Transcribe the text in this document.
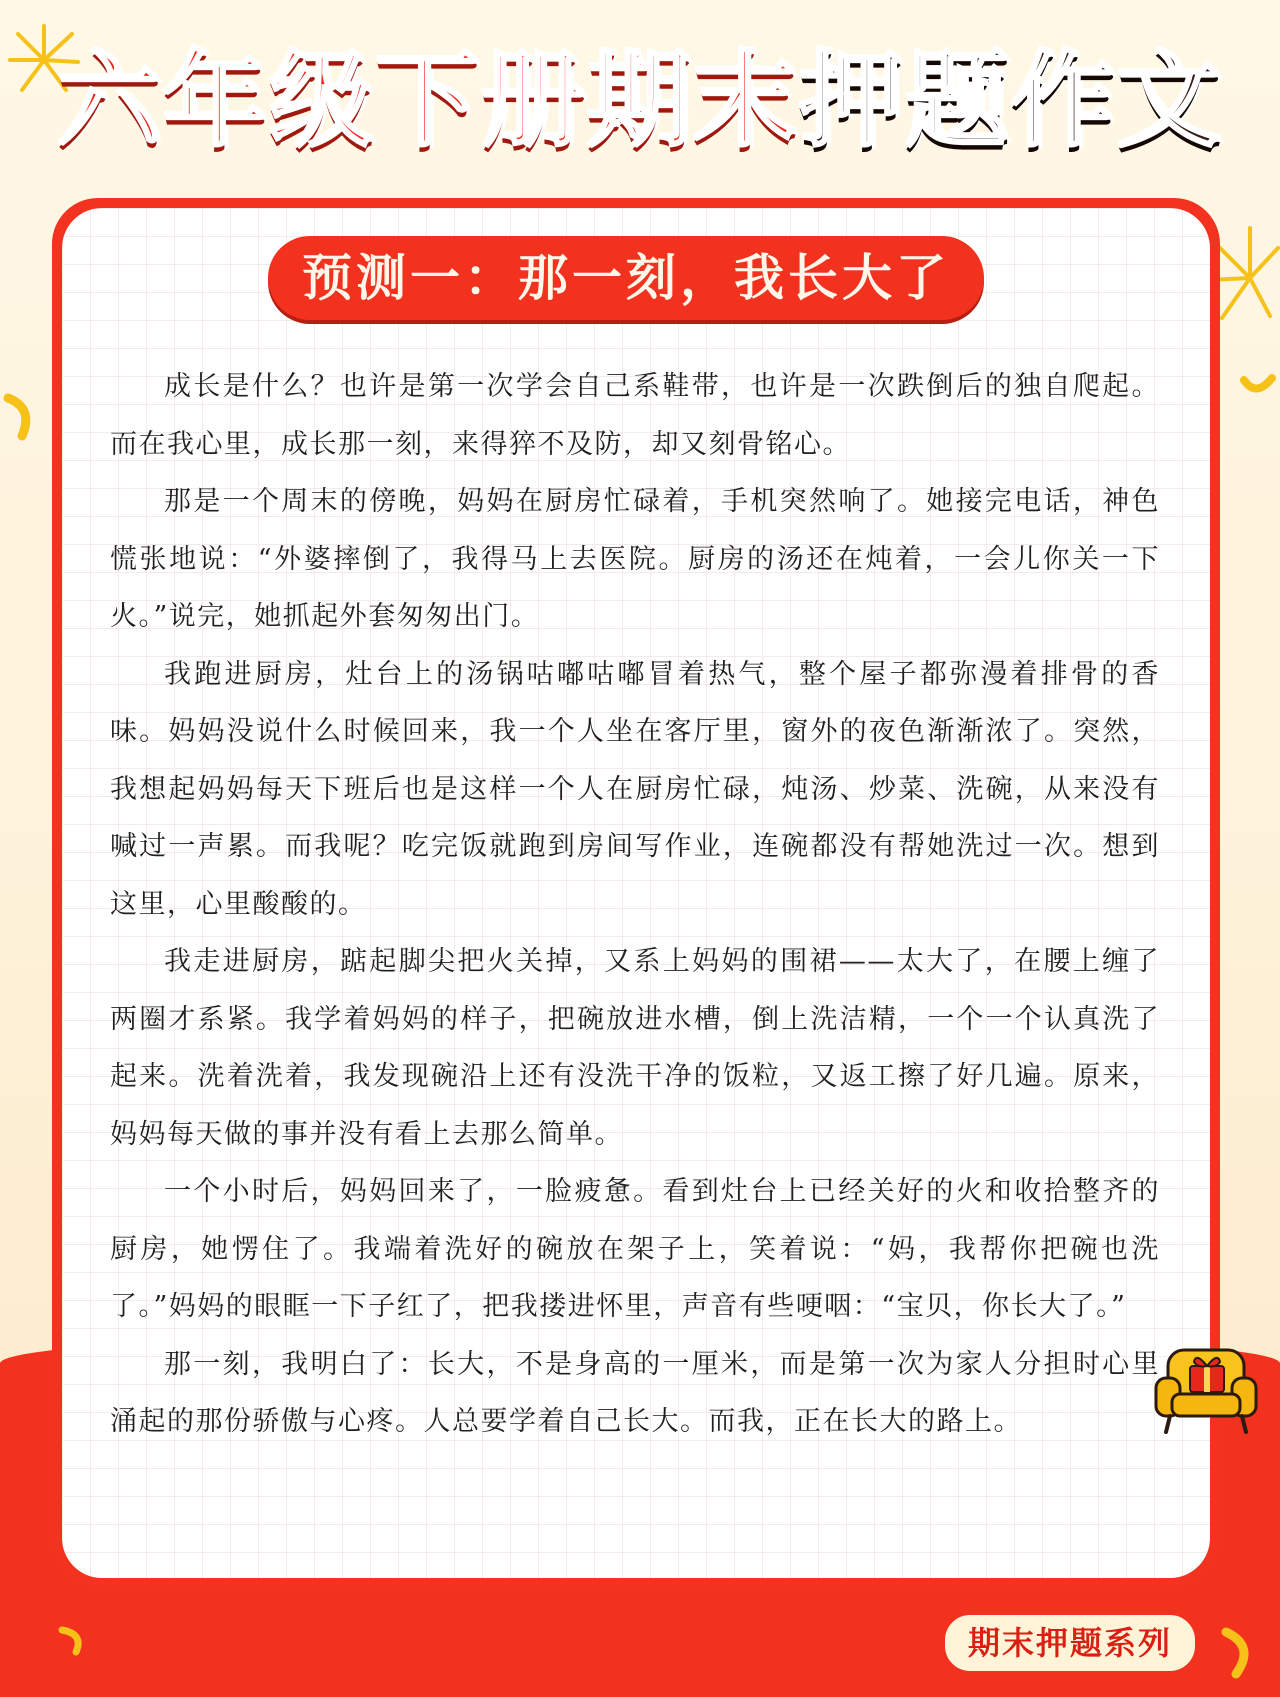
六年级下册期末押题作文
预测一：那一刻，我长大了

成长是什么？也许是第一次学会自己系鞋带，也许是一次跌倒后的独自爬起。而在我心里，成长那一刻，来得猝不及防，却又刻骨铭心。

那是一个周末的傍晚，妈妈在厨房忙碌着，手机突然响了。她接完电话，神色慌张地说：“外婆摔倒了，我得马上去医院。厨房的汤还在炖着，一会儿你关一下火。”说完，她抓起外套匆匆出门。

我跑进厨房，灶台上的汤锅咕嘟咕嘟冒着热气，整个屋子都弥漫着排骨的香味。妈妈没说什么时候回来，我一个人坐在客厅里，窗外的夜色渐渐浓了。突然，我想起妈妈每天下班后也是这样一个人在厨房忙碌，炖汤、炒菜、洗碗，从来没有喊过一声累。而我呢？吃完饭就跑到房间写作业，连碗都没有帮她洗过一次。想到这里，心里酸酸的。

我走进厨房，踮起脚尖把火关掉，又系上妈妈的围裙——太大了，在腰上缠了两圈才系紧。我学着妈妈的样子，把碗放进水槽，倒上洗洁精，一个一个认真洗了起来。洗着洗着，我发现碗沿上还有没洗干净的饭粒，又返工擦了好几遍。原来，妈妈每天做的事并没有看上去那么简单。

一个小时后，妈妈回来了，一脸疲惫。看到灶台上已经关好的火和收拾整齐的厨房，她愣住了。我端着洗好的碗放在架子上，笑着说：“妈，我帮你把碗也洗了。”妈妈的眼眶一下子红了，把我搂进怀里，声音有些哽咽：“宝贝，你长大了。”

那一刻，我明白了：长大，不是身高的一厘米，而是第一次为家人分担时心里涌起的那份骄傲与心疼。人总要学着自己长大。而我，正在长大的路上。

期末押题系列
